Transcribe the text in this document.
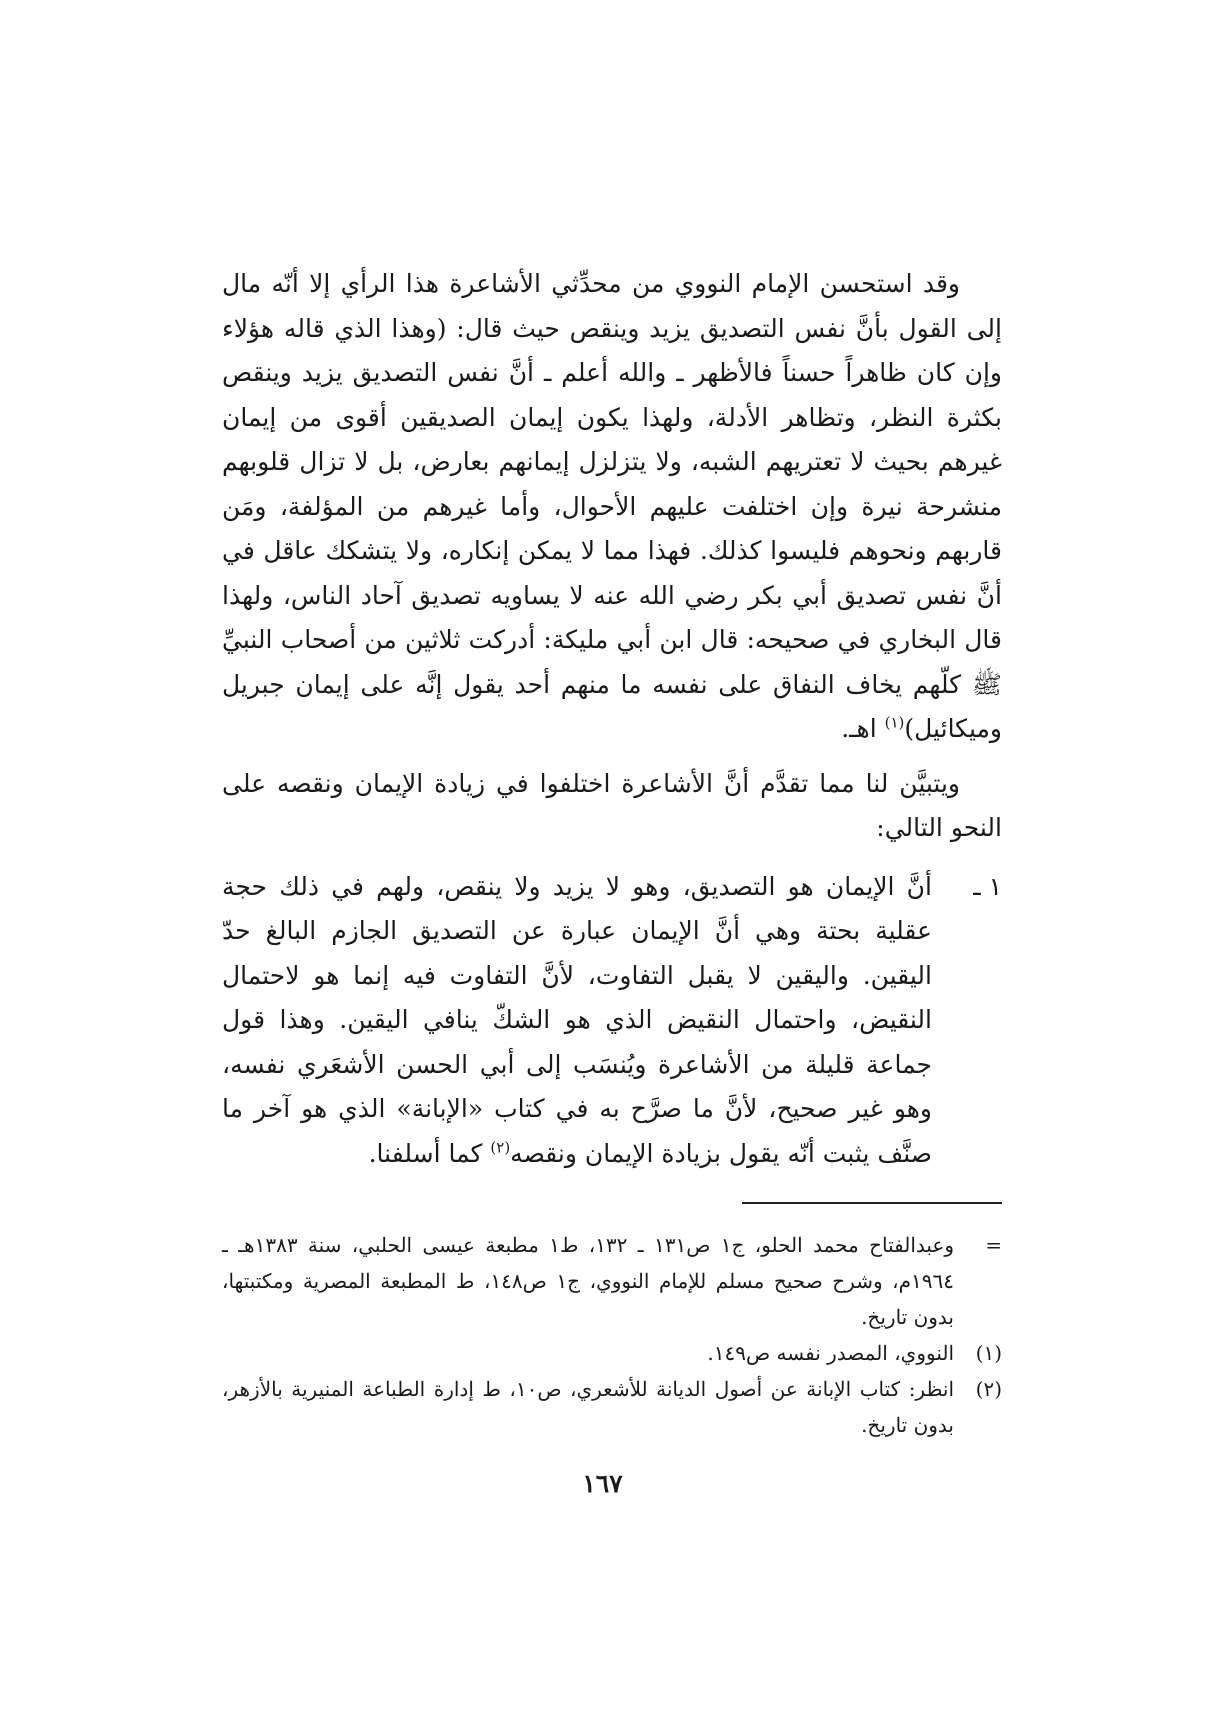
وقد استحسن الإمام النووي من محدِّثي الأشاعرة هذا الرأي إلا أنّه مال إلى القول بأنَّ نفس التصديق يزيد وينقص حيث قال: (وهذا الذي قاله هؤلاء وإن كان ظاهراً حسناً فالأظهر ـ والله أعلم ـ أنَّ نفس التصديق يزيد وينقص بكثرة النظر، وتظاهر الأدلة، ولهذا يكون إيمان الصديقين أقوى من إيمان غيرهم بحيث لا تعتريهم الشبه، ولا يتزلزل إيمانهم بعارض، بل لا تزال قلوبهم منشرحة نيرة وإن اختلفت عليهم الأحوال، وأما غيرهم من المؤلفة، ومَن قاربهم ونحوهم فليسوا كذلك. فهذا مما لا يمكن إنكاره، ولا يتشكك عاقل في أنَّ نفس تصديق أبي بكر رضي الله عنه لا يساويه تصديق آحاد الناس، ولهذا قال البخاري في صحيحه: قال ابن أبي مليكة: أدركت ثلاثين من أصحاب النبيِّ ﷺ كلّهم يخاف النفاق على نفسه ما منهم أحد يقول إنَّه على إيمان جبريل وميكائيل)$^{(١)}$ اهـ.

ويتبيَّن لنا مما تقدَّم أنَّ الأشاعرة اختلفوا في زيادة الإيمان ونقصه على النحو التالي:

١ ـ

أنَّ الإيمان هو التصديق، وهو لا يزيد ولا ينقص، ولهم في ذلك حجة عقلية بحتة وهي أنَّ الإيمان عبارة عن التصديق الجازم البالغ حدّ اليقين. واليقين لا يقبل التفاوت، لأنَّ التفاوت فيه إنما هو لاحتمال النقيض، واحتمال النقيض الذي هو الشكّ ينافي اليقين. وهذا قول جماعة قليلة من الأشاعرة ويُنسَب إلى أبي الحسن الأشعَري نفسه، وهو غير صحيح، لأنَّ ما صرَّح به في كتاب «الإبانة» الذي هو آخر ما صنَّف يثبت أنّه يقول بزيادة الإيمان ونقصه$^{(٢)}$ كما أسلفنا.

=

وعبدالفتاح محمد الحلو، ج١ ص١٣١ ـ ١٣٢، ط١ مطبعة عيسى الحلبي، سنة ١٣٨٣هـ ـ ١٩٦٤م، وشرح صحيح مسلم للإمام النووي، ج١ ص١٤٨، ط المطبعة المصرية ومكتبتها، بدون تاريخ.

(١)

النووي، المصدر نفسه ص١٤٩.

(٢)

انظر: كتاب الإبانة عن أصول الديانة للأشعري، ص١٠، ط إدارة الطباعة المنيرية بالأزهر، بدون تاريخ.

١٦٧
